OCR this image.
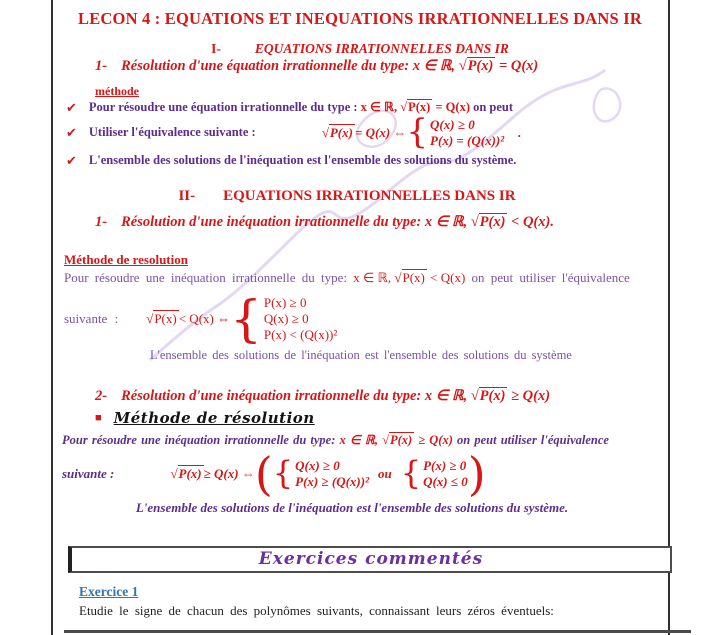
LECON 4 : EQUATIONS ET INEQUATIONS IRRATIONNELLES DANS IR
I-	EQUATIONS IRRATIONNELLES DANS IR
1- Résolution d'une équation irrationnelle du type: x ∈ ℝ, √P(x) = Q(x)
méthode
✔ Pour résoudre une équation irrationnelle du type : x ∈ ℝ, √P(x) = Q(x) on peut
✔ Utiliser l'équivalence suivante :	√P(x) = Q(x) ⇔ { Q(x) ≥ 0
P(x) = (Q(x))²
.
✔ L'ensemble des solutions de l'inéquation est l'ensemble des solutions du système.
II- EQUATIONS IRRATIONNELLES DANS IR
1- Résolution d'une inéquation irrationnelle du type: x ∈ ℝ, √P(x) < Q(x).
Méthode de resolution
Pour résoudre une inéquation irrationnelle du type: x ∈ ℝ, √P(x) < Q(x) on peut utiliser l'équivalence
suivante : √P(x) < Q(x) ⇔ { P(x) ≥ 0
Q(x) ≥ 0
P(x) < (Q(x))²
L'ensemble des solutions de l'inéquation est l'ensemble des solutions du système
2- Résolution d'une inéquation irrationnelle du type: x ∈ ℝ, √P(x) ≥ Q(x)
■ Méthode de résolution
Pour résoudre une inéquation irrationnelle du type: x ∈ ℝ, √P(x) ≥ Q(x) on peut utiliser l'équivalence
suivante :	√P(x) ≥ Q(x) ⇔ ( { Q(x) ≥ 0
P(x) ≥ (Q(x))²
ou { P(x) ≥ 0
Q(x) ≤ 0 )
L'ensemble des solutions de l'inéquation est l'ensemble des solutions du système.
Exercices commentés
Exercice 1
Etudie le signe de chacun des polynômes suivants, connaissant leurs zéros éventuels:
